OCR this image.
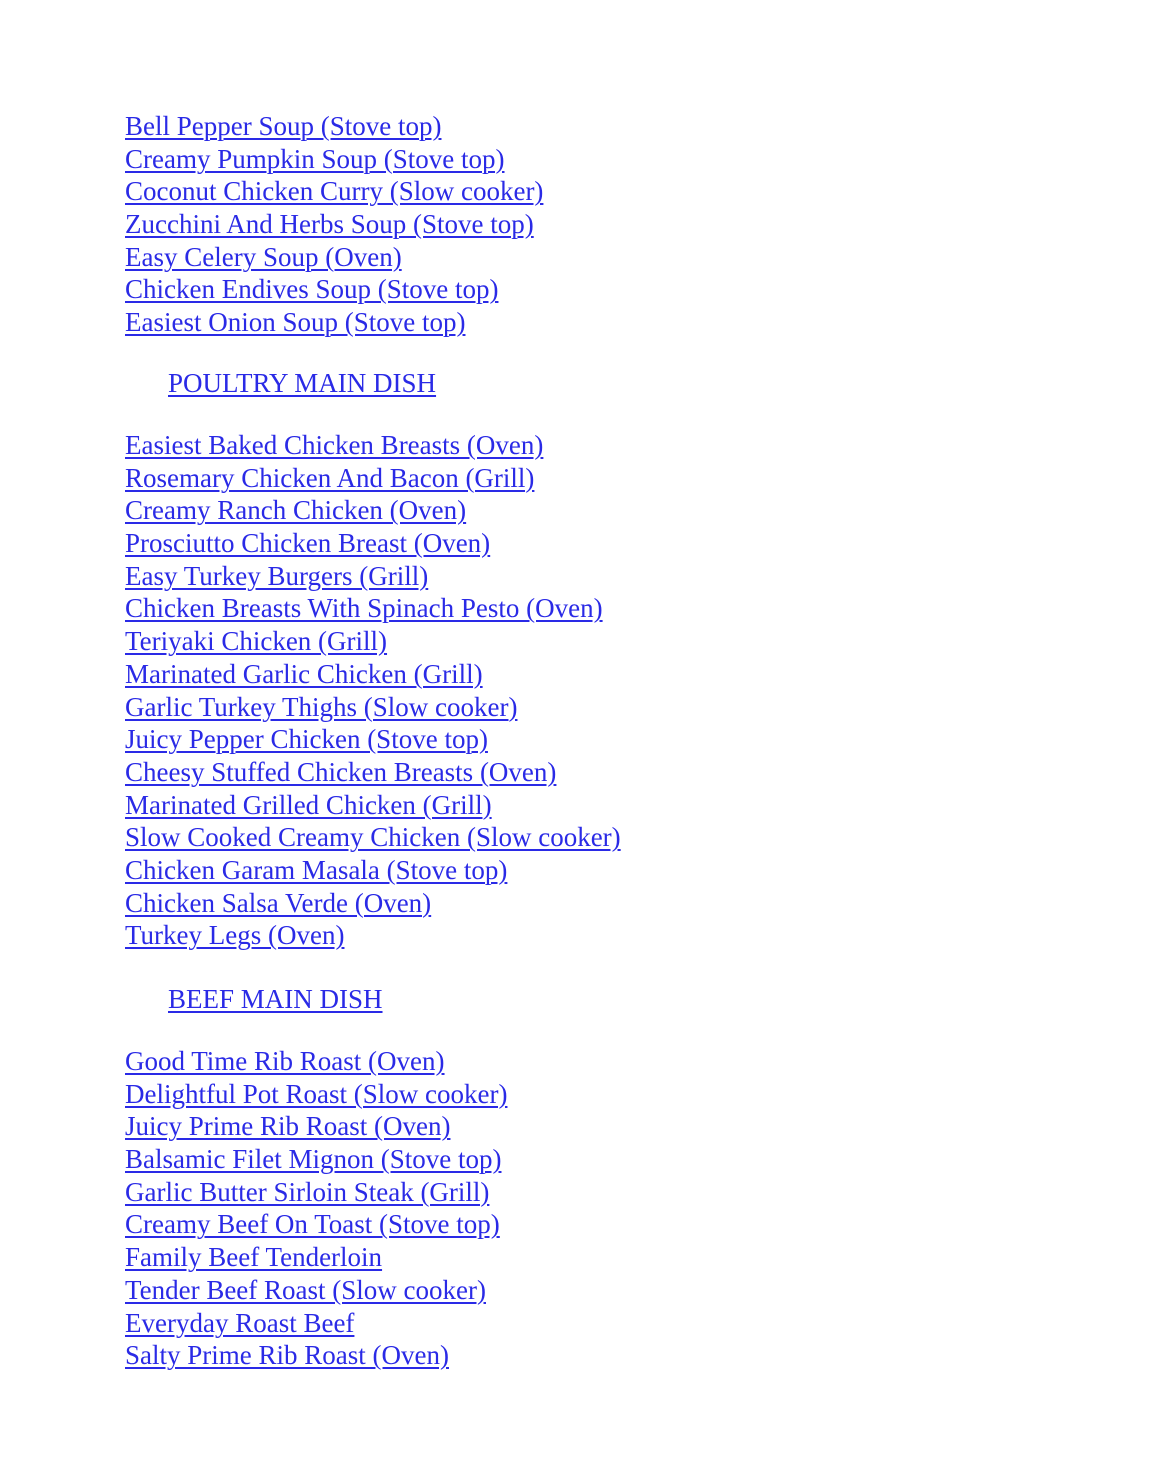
Bell Pepper Soup (Stove top)
Creamy Pumpkin Soup (Stove top)
Coconut Chicken Curry (Slow cooker)
Zucchini And Herbs Soup (Stove top)
Easy Celery Soup (Oven)
Chicken Endives Soup (Stove top)
Easiest Onion Soup (Stove top)
POULTRY MAIN DISH
Easiest Baked Chicken Breasts (Oven)
Rosemary Chicken And Bacon (Grill)
Creamy Ranch Chicken (Oven)
Prosciutto Chicken Breast (Oven)
Easy Turkey Burgers (Grill)
Chicken Breasts With Spinach Pesto (Oven)
Teriyaki Chicken (Grill)
Marinated Garlic Chicken (Grill)
Garlic Turkey Thighs (Slow cooker)
Juicy Pepper Chicken (Stove top)
Cheesy Stuffed Chicken Breasts (Oven)
Marinated Grilled Chicken (Grill)
Slow Cooked Creamy Chicken (Slow cooker)
Chicken Garam Masala (Stove top)
Chicken Salsa Verde (Oven)
Turkey Legs (Oven)
BEEF MAIN DISH
Good Time Rib Roast (Oven)
Delightful Pot Roast (Slow cooker)
Juicy Prime Rib Roast (Oven)
Balsamic Filet Mignon (Stove top)
Garlic Butter Sirloin Steak (Grill)
Creamy Beef On Toast (Stove top)
Family Beef Tenderloin
Tender Beef Roast (Slow cooker)
Everyday Roast Beef
Salty Prime Rib Roast (Oven)
